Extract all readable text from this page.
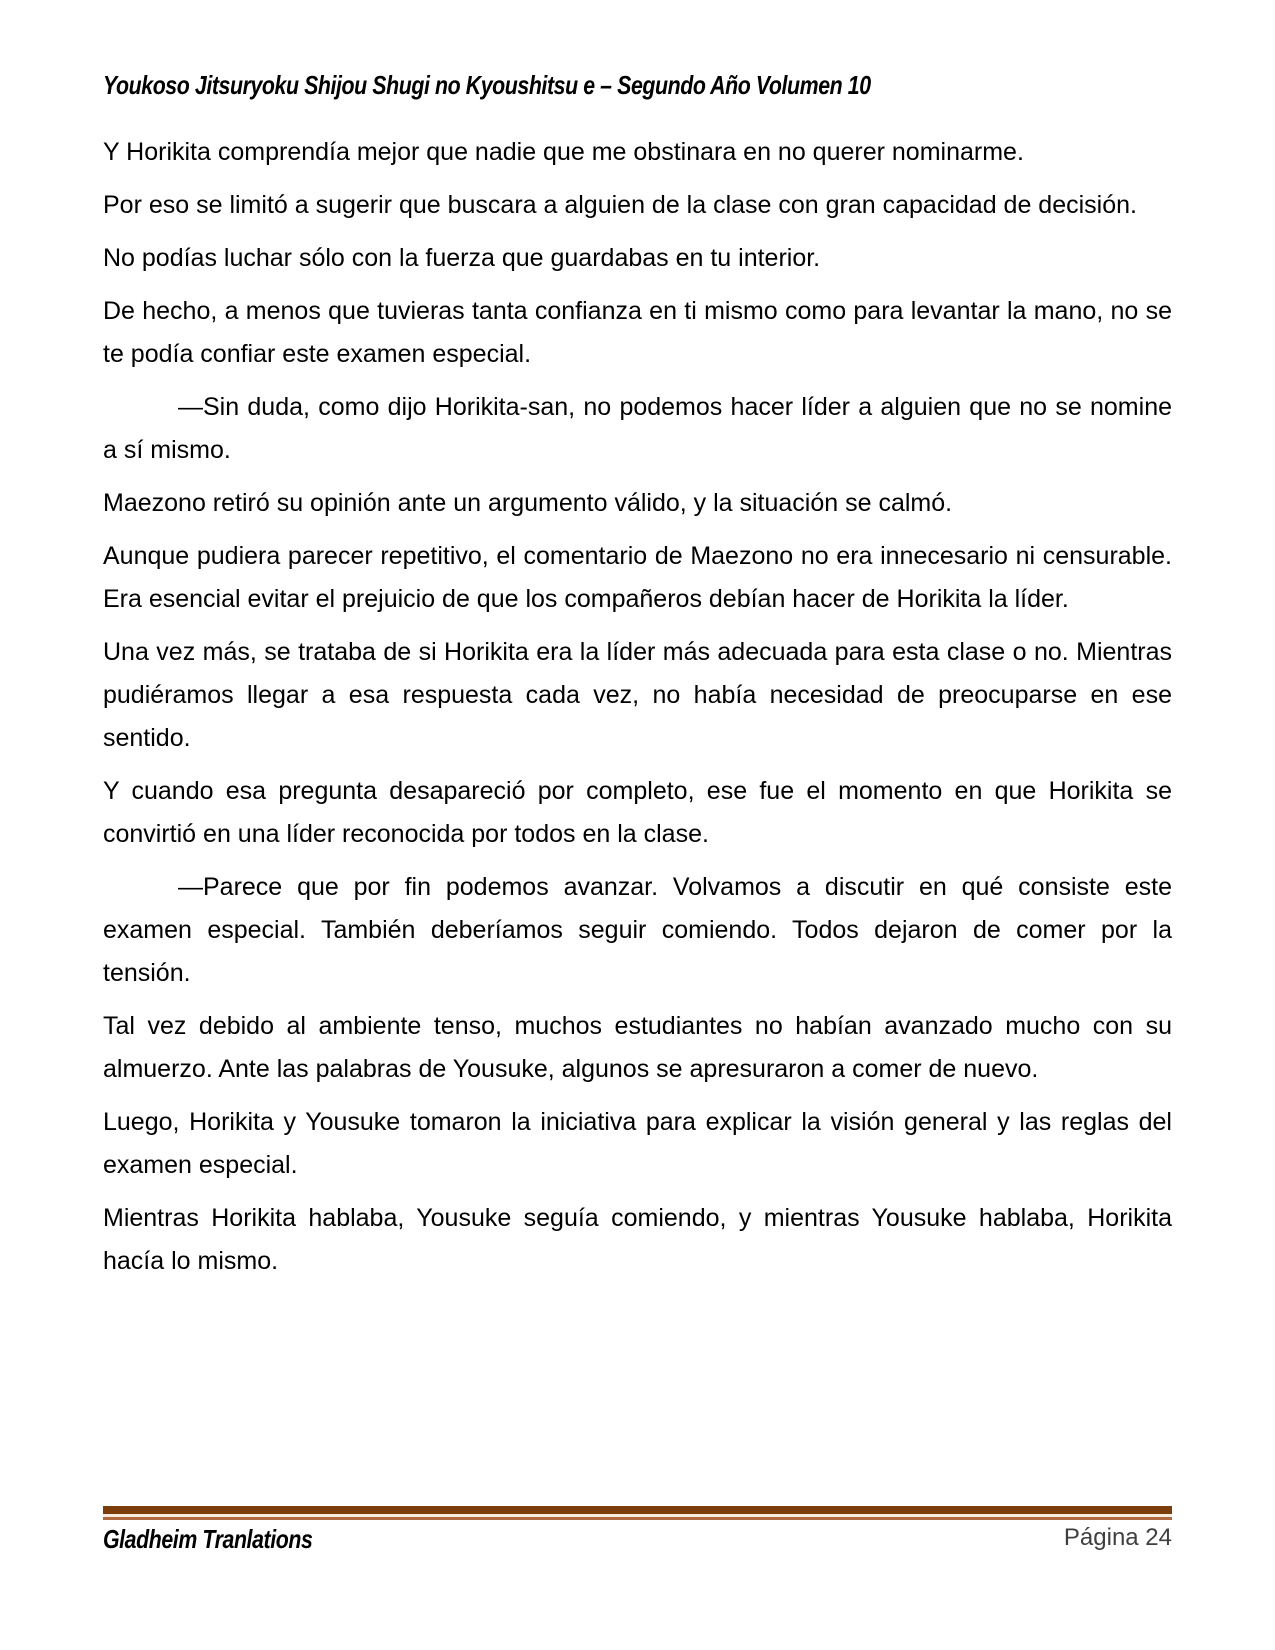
Youkoso Jitsuryoku Shijou Shugi no Kyoushitsu e – Segundo Año Volumen 10

Y Horikita comprendía mejor que nadie que me obstinara en no querer nominarme.

Por eso se limitó a sugerir que buscara a alguien de la clase con gran capacidad de decisión.

No podías luchar sólo con la fuerza que guardabas en tu interior.

De hecho, a menos que tuvieras tanta confianza en ti mismo como para levantar la mano, no se te podía confiar este examen especial.

—Sin duda, como dijo Horikita-san, no podemos hacer líder a alguien que no se nomine a sí mismo.

Maezono retiró su opinión ante un argumento válido, y la situación se calmó.

Aunque pudiera parecer repetitivo, el comentario de Maezono no era innecesario ni censurable. Era esencial evitar el prejuicio de que los compañeros debían hacer de Horikita la líder.

Una vez más, se trataba de si Horikita era la líder más adecuada para esta clase o no. Mientras pudiéramos llegar a esa respuesta cada vez, no había necesidad de preocuparse en ese sentido.

Y cuando esa pregunta desapareció por completo, ese fue el momento en que Horikita se convirtió en una líder reconocida por todos en la clase.

—Parece que por fin podemos avanzar. Volvamos a discutir en qué consiste este examen especial. También deberíamos seguir comiendo. Todos dejaron de comer por la tensión.

Tal vez debido al ambiente tenso, muchos estudiantes no habían avanzado mucho con su almuerzo. Ante las palabras de Yousuke, algunos se apresuraron a comer de nuevo.

Luego, Horikita y Yousuke tomaron la iniciativa para explicar la visión general y las reglas del examen especial.

Mientras Horikita hablaba, Yousuke seguía comiendo, y mientras Yousuke hablaba, Horikita hacía lo mismo.

Gladheim Tranlations	Página 24
